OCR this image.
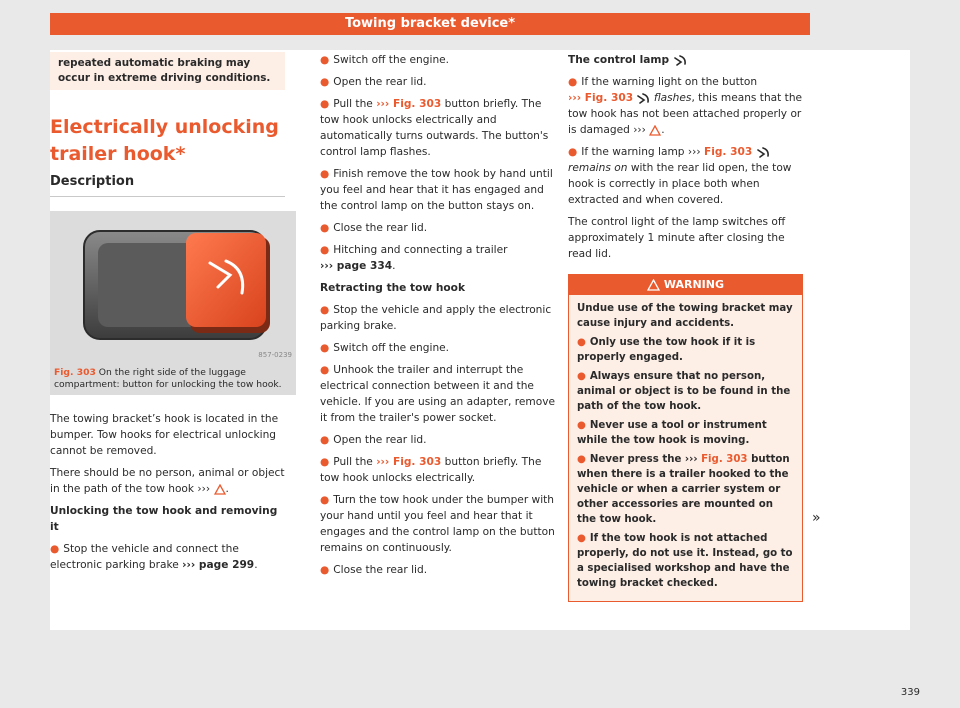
Towing bracket device*
repeated automatic braking may occur in extreme driving conditions.
Electrically unlocking trailer hook*
Description
857-0239
Fig. 303 On the right side of the luggage compartment: button for unlocking the tow hook.

The towing bracket’s hook is located in the bumper. Tow hooks for electrical unlocking cannot be removed.

There should be no person, animal or object in the path of the tow hook ››› .

Unlocking the tow hook and removing it

● Stop the vehicle and connect the electronic parking brake ››› page 299.

● Switch off the engine.

● Open the rear lid.

● Pull the ››› Fig. 303 button briefly. The tow hook unlocks electrically and automatically turns outwards. The button's control lamp flashes.

● Finish remove the tow hook by hand until you feel and hear that it has engaged and the control lamp on the button stays on.

● Close the rear lid.

● Hitching and connecting a trailer
››› page 334.

Retracting the tow hook

● Stop the vehicle and apply the electronic parking brake.

● Switch off the engine.

● Unhook the trailer and interrupt the electrical connection between it and the vehicle. If you are using an adapter, remove it from the trailer's power socket.

● Open the rear lid.

● Pull the ››› Fig. 303 button briefly. The tow hook unlocks electrically.

● Turn the tow hook under the bumper with your hand until you feel and hear that it engages and the control lamp on the button remains on continuously.

● Close the rear lid.

The control lamp

● If the warning light on the button
››› Fig. 303 flashes, this means that the tow hook has not been attached properly or is damaged ››› .

● If the warning lamp ››› Fig. 303  remains on with the rear lid open, the tow hook is correctly in place both when extracted and when covered.

The control light of the lamp switches off approximately 1 minute after closing the read lid.

WARNING

Undue use of the towing bracket may cause injury and accidents.

● Only use the tow hook if it is properly engaged.

● Always ensure that no person, animal or object is to be found in the path of the tow hook.

● Never use a tool or instrument while the tow hook is moving.

● Never press the ››› Fig. 303 button when there is a trailer hooked to the vehicle or when a carrier system or other accessories are mounted on the tow hook.

● If the tow hook is not attached properly, do not use it. Instead, go to a specialised workshop and have the towing bracket checked.

»
339
